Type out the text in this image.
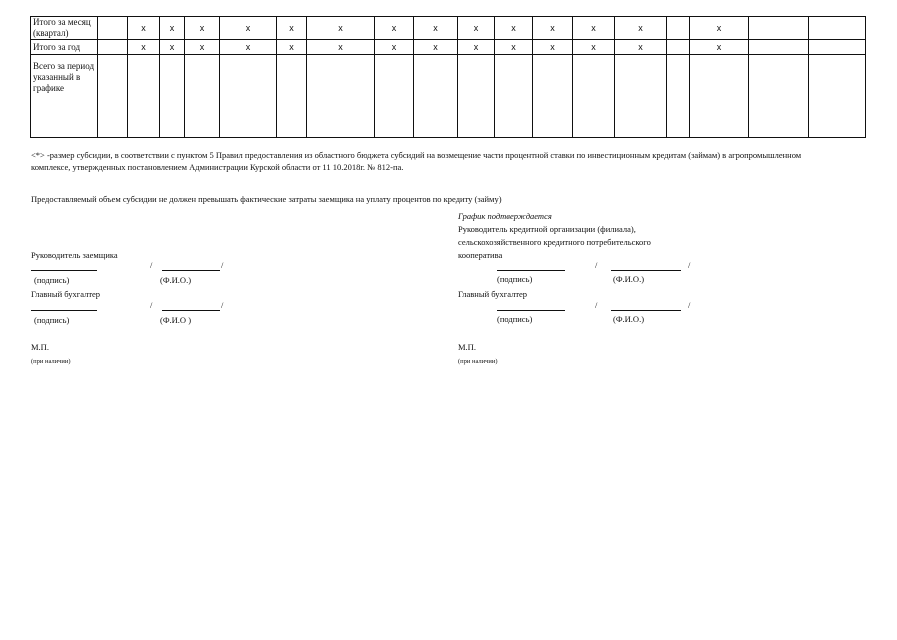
Итого за месяц (квартал)		x	x	x	x	x	x	x	x	x	x	x	x	x		x		
Итого за год		x	x	x	x	x	x	x	x	x	x	x	x	x		x		
Всего за период указанный в графике																		
<*> -размер субсидии, в соответствии с пунктом 5 Правил предоставления из областного бюджета субсидий на возмещение части процентной ставки по инвестиционным кредитам (займам) в агропромышленном
комплексе, утвержденных постановлением Администрации Курской области от 11 10.2018г. № 812-па.
Предоставляемый объем субсидии не должен превышать фактические затраты заемщика на уплату процентов по кредиту (займу)
График подтверждается
Руководитель кредитной организации (филиала),
сельскохозяйственного кредитного потребительского
кооператива
Руководитель заемщика
/	/
(подпись)	(Ф.И.О.)
/	/
(подпись)	(Ф.И.О.)
Главный бухгалтер
/	/
(подпись)	(Ф.И.О )
Главный бухгалтер
/	/
(подпись)	(Ф.И.О.)
М.П.
(при наличии)
М.П.
(при наличии)
